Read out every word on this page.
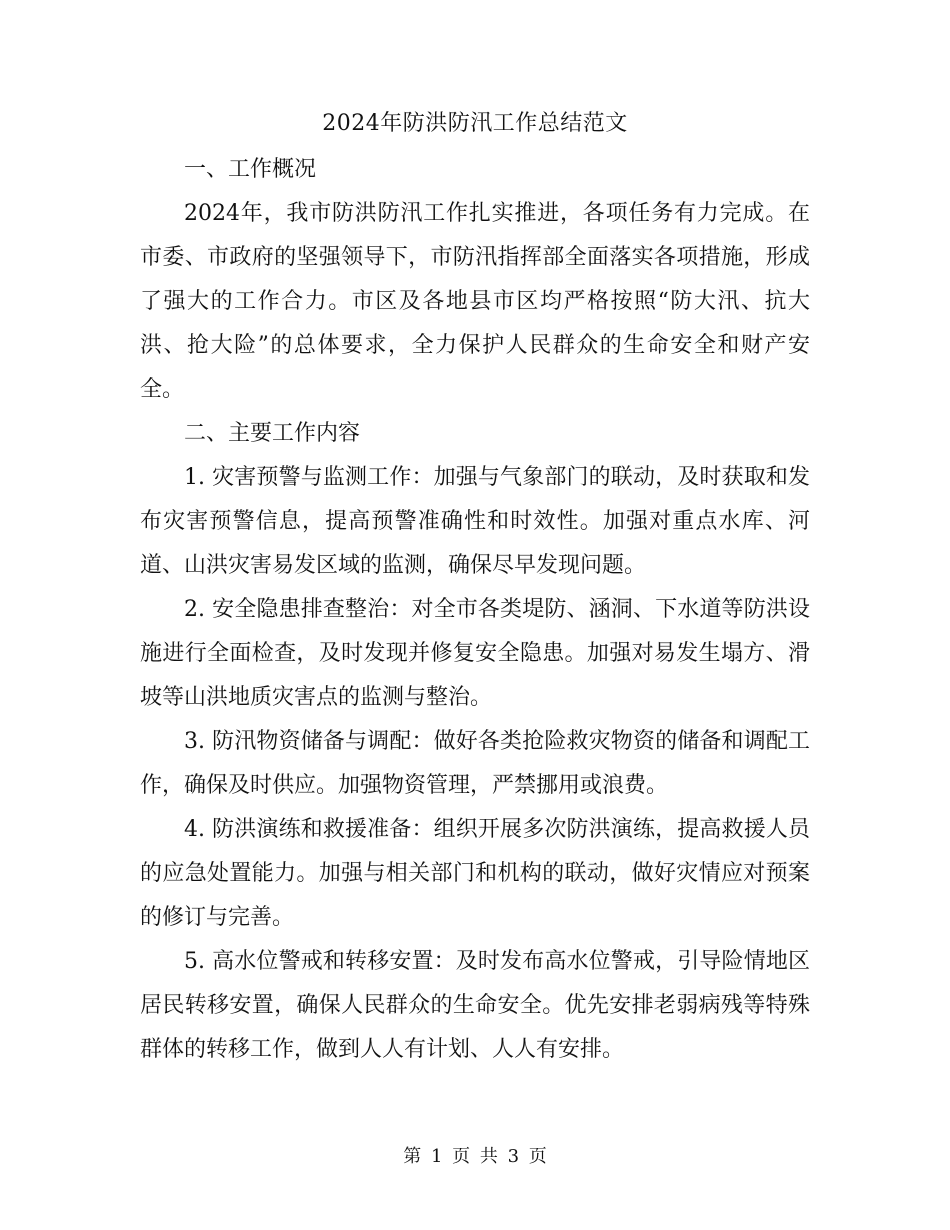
2024年防洪防汛工作总结范文

一、工作概况

2024年，我市防洪防汛工作扎实推进，各项任务有力完成。在市委、市政府的坚强领导下，市防汛指挥部全面落实各项措施，形成了强大的工作合力。市区及各地县市区均严格按照“防大汛、抗大洪、抢大险”的总体要求，全力保护人民群众的生命安全和财产安全。

二、主要工作内容

1. 灾害预警与监测工作：加强与气象部门的联动，及时获取和发布灾害预警信息，提高预警准确性和时效性。加强对重点水库、河道、山洪灾害易发区域的监测，确保尽早发现问题。

2. 安全隐患排查整治：对全市各类堤防、涵洞、下水道等防洪设施进行全面检查，及时发现并修复安全隐患。加强对易发生塌方、滑坡等山洪地质灾害点的监测与整治。

3. 防汛物资储备与调配：做好各类抢险救灾物资的储备和调配工作，确保及时供应。加强物资管理，严禁挪用或浪费。

4. 防洪演练和救援准备：组织开展多次防洪演练，提高救援人员的应急处置能力。加强与相关部门和机构的联动，做好灾情应对预案的修订与完善。

5. 高水位警戒和转移安置：及时发布高水位警戒，引导险情地区居民转移安置，确保人民群众的生命安全。优先安排老弱病残等特殊群体的转移工作，做到人人有计划、人人有安排。

第 1 页 共 3 页
